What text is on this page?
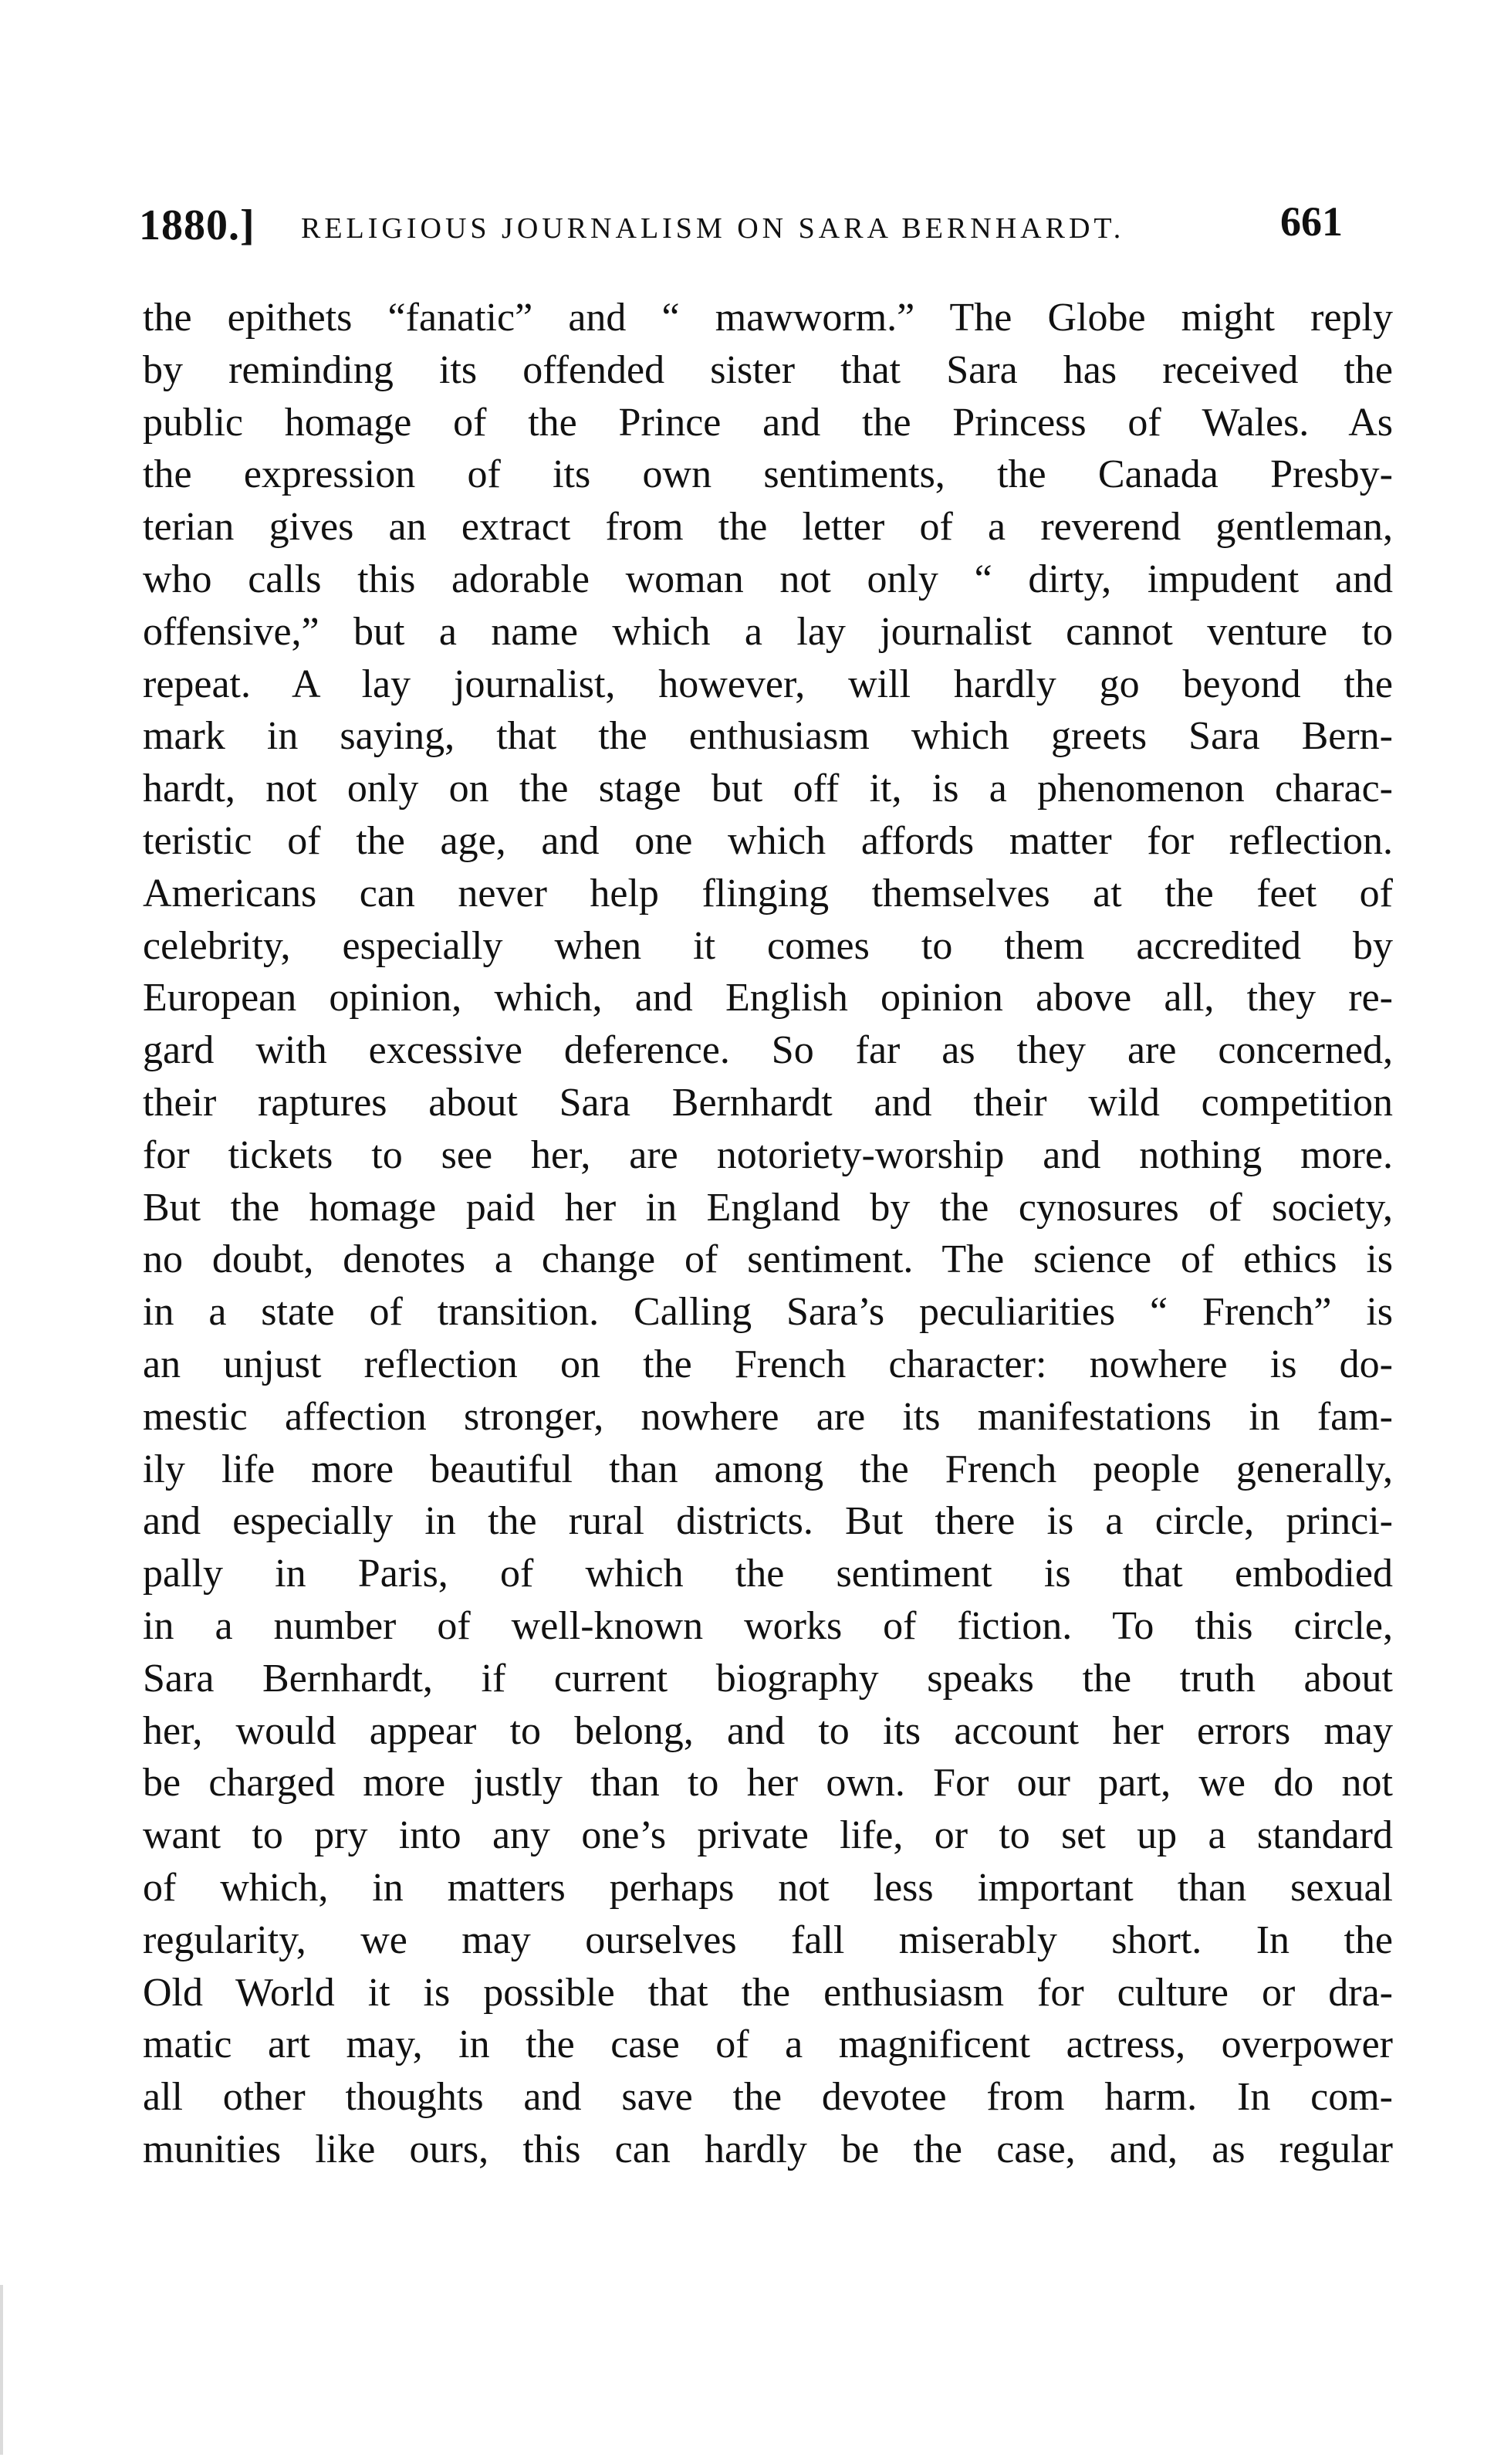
1880.] RELIGIOUS JOURNALISM ON SARA BERNHARDT.	661
the epithets “fanatic” and “ mawworm.” The Globe might reply
by reminding its offended sister that Sara has received the
public homage of the Prince and the Princess of Wales. As
the expression of its own sentiments, the Canada Presby-
terian gives an extract from the letter of a reverend gentleman,
who calls this adorable woman not only “ dirty, impudent and
offensive,” but a name which a lay journalist cannot venture to
repeat. A lay journalist, however, will hardly go beyond the
mark in saying, that the enthusiasm which greets Sara Bern-
hardt, not only on the stage but off it, is a phenomenon charac-
teristic of the age, and one which affords matter for reflection.
Americans can never help flinging themselves at the feet of
celebrity, especially when it comes to them accredited by
European opinion, which, and English opinion above all, they re-
gard with excessive deference. So far as they are concerned,
their raptures about Sara Bernhardt and their wild competition
for tickets to see her, are notoriety-worship and nothing more.
But the homage paid her in England by the cynosures of society,
no doubt, denotes a change of sentiment. The science of ethics is
in a state of transition. Calling Sara’s peculiarities “ French” is
an unjust reflection on the French character: nowhere is do-
mestic affection stronger, nowhere are its manifestations in fam-
ily life more beautiful than among the French people generally,
and especially in the rural districts. But there is a circle, princi-
pally in Paris, of which the sentiment is that embodied
in a number of well-known works of fiction. To this circle,
Sara Bernhardt, if current biography speaks the truth about
her, would appear to belong, and to its account her errors may
be charged more justly than to her own. For our part, we do not
want to pry into any one’s private life, or to set up a standard
of which, in matters perhaps not less important than sexual
regularity, we may ourselves fall miserably short. In the
Old World it is possible that the enthusiasm for culture or dra-
matic art may, in the case of a magnificent actress, overpower
all other thoughts and save the devotee from harm. In com-
munities like ours, this can hardly be the case, and, as regular
